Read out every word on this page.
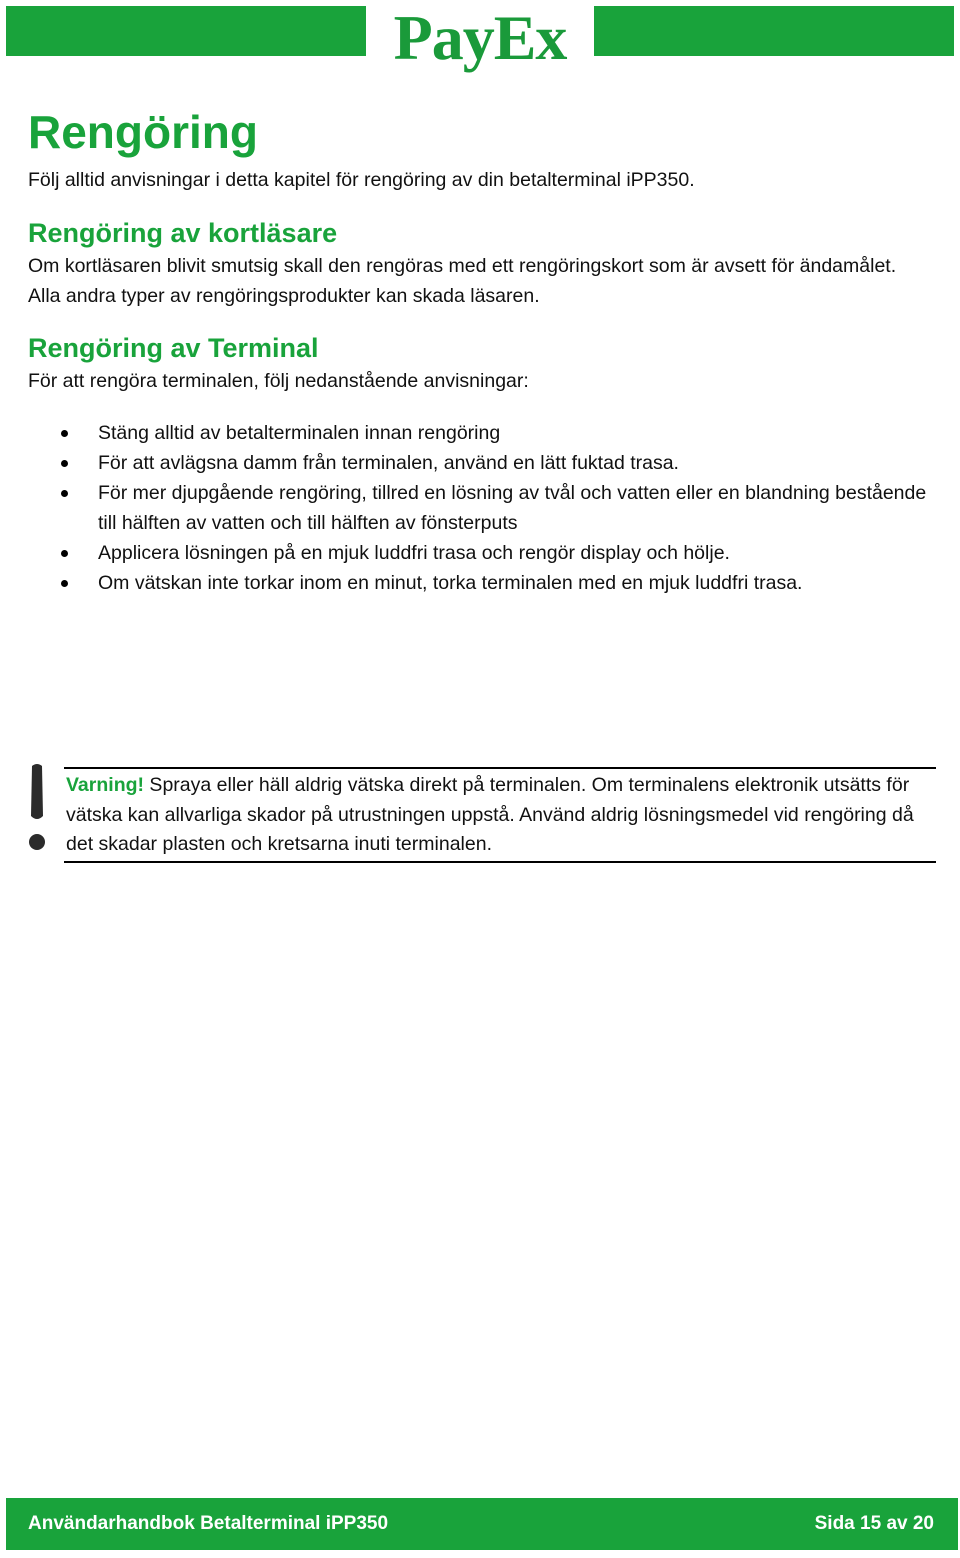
PayEx
Rengöring
Följ alltid anvisningar i detta kapitel för rengöring av din betalterminal iPP350.
Rengöring av kortläsare
Om kortläsaren blivit smutsig skall den rengöras med ett rengöringskort som är avsett för ändamålet. Alla andra typer av rengöringsprodukter kan skada läsaren.
Rengöring av Terminal
För att rengöra terminalen, följ nedanstående anvisningar:
Stäng alltid av betalterminalen innan rengöring
För att avlägsna damm från terminalen, använd en lätt fuktad trasa.
För mer djupgående rengöring, tillred en lösning av tvål och vatten eller en blandning bestående till hälften av vatten och till hälften av fönsterputs
Applicera lösningen på en mjuk luddfri trasa och rengör display och hölje.
Om vätskan inte torkar inom en minut, torka terminalen med en mjuk luddfri trasa.
Varning! Spraya eller häll aldrig vätska direkt på terminalen. Om terminalens elektronik utsätts för vätska kan allvarliga skador på utrustningen uppstå. Använd aldrig lösningsmedel vid rengöring då det skadar plasten och kretsarna inuti terminalen.
Användarhandbok Betalterminal iPP350	Sida 15 av 20
